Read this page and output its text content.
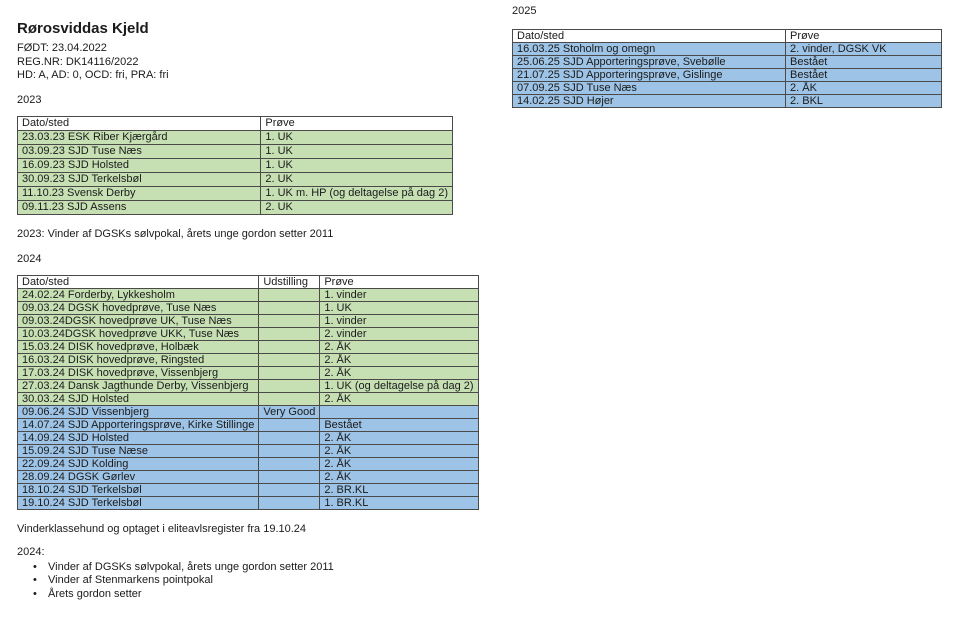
Rørosviddas Kjeld

FØDT: 23.04.2022

REG.NR: DK14116/2022

HD: A, AD: 0, OCD: fri, PRA: fri

2023

Dato/sted	Prøve
23.03.23 ESK Riber Kjærgård	1. UK
03.09.23 SJD Tuse Næs	1. UK
16.09.23 SJD Holsted	1. UK
30.09.23 SJD Terkelsbøl	2. UK
11.10.23 Svensk Derby	1. UK m. HP (og deltagelse på dag 2)
09.11.23 SJD Assens	2. UK

2023: Vinder af DGSKs sølvpokal, årets unge gordon setter 2011

2024

Dato/sted	Udstilling	Prøve
24.02.24 Forderby, Lykkesholm		1. vinder
09.03.24 DGSK hovedprøve, Tuse Næs		1. UK
09.03.24DGSK hovedprøve UK, Tuse Næs		1. vinder
10.03.24DGSK hovedprøve UKK, Tuse Næs		2. vinder
15.03.24 DISK hovedprøve, Holbæk		2. ÅK
16.03.24 DISK hovedprøve, Ringsted		2. ÅK
17.03.24 DISK hovedprøve, Vissenbjerg		2. ÅK
27.03.24 Dansk Jagthunde Derby, Vissenbjerg		1. UK (og deltagelse på dag 2)
30.03.24 SJD Holsted		2. ÅK
09.06.24 SJD Vissenbjerg	Very Good	
14.07.24 SJD Apporteringsprøve, Kirke Stillinge		Bestået
14.09.24 SJD Holsted		2. ÅK
15.09.24 SJD Tuse Næse		2. ÅK
22.09.24 SJD Kolding		2. ÅK
28.09.24 DGSK Gørlev		2. ÅK
18.10.24 SJD Terkelsbøl		2. BR.KL
19.10.24 SJD Terkelsbøl		1. BR.KL

Vinderklassehund og optaget i eliteavlsregister fra 19.10.24

2024:

• Vinder af DGSKs sølvpokal, årets unge gordon setter 2011
• Vinder af Stenmarkens pointpokal
• Årets gordon setter

2025

Dato/sted	Prøve
16.03.25 Stoholm og omegn	2. vinder, DGSK VK
25.06.25 SJD Apporteringsprøve, Svebølle	Bestået
21.07.25 SJD Apporteringsprøve, Gislinge	Bestået
07.09.25 SJD Tuse Næs	2. ÅK
14.02.25 SJD Højer	2. BKL
